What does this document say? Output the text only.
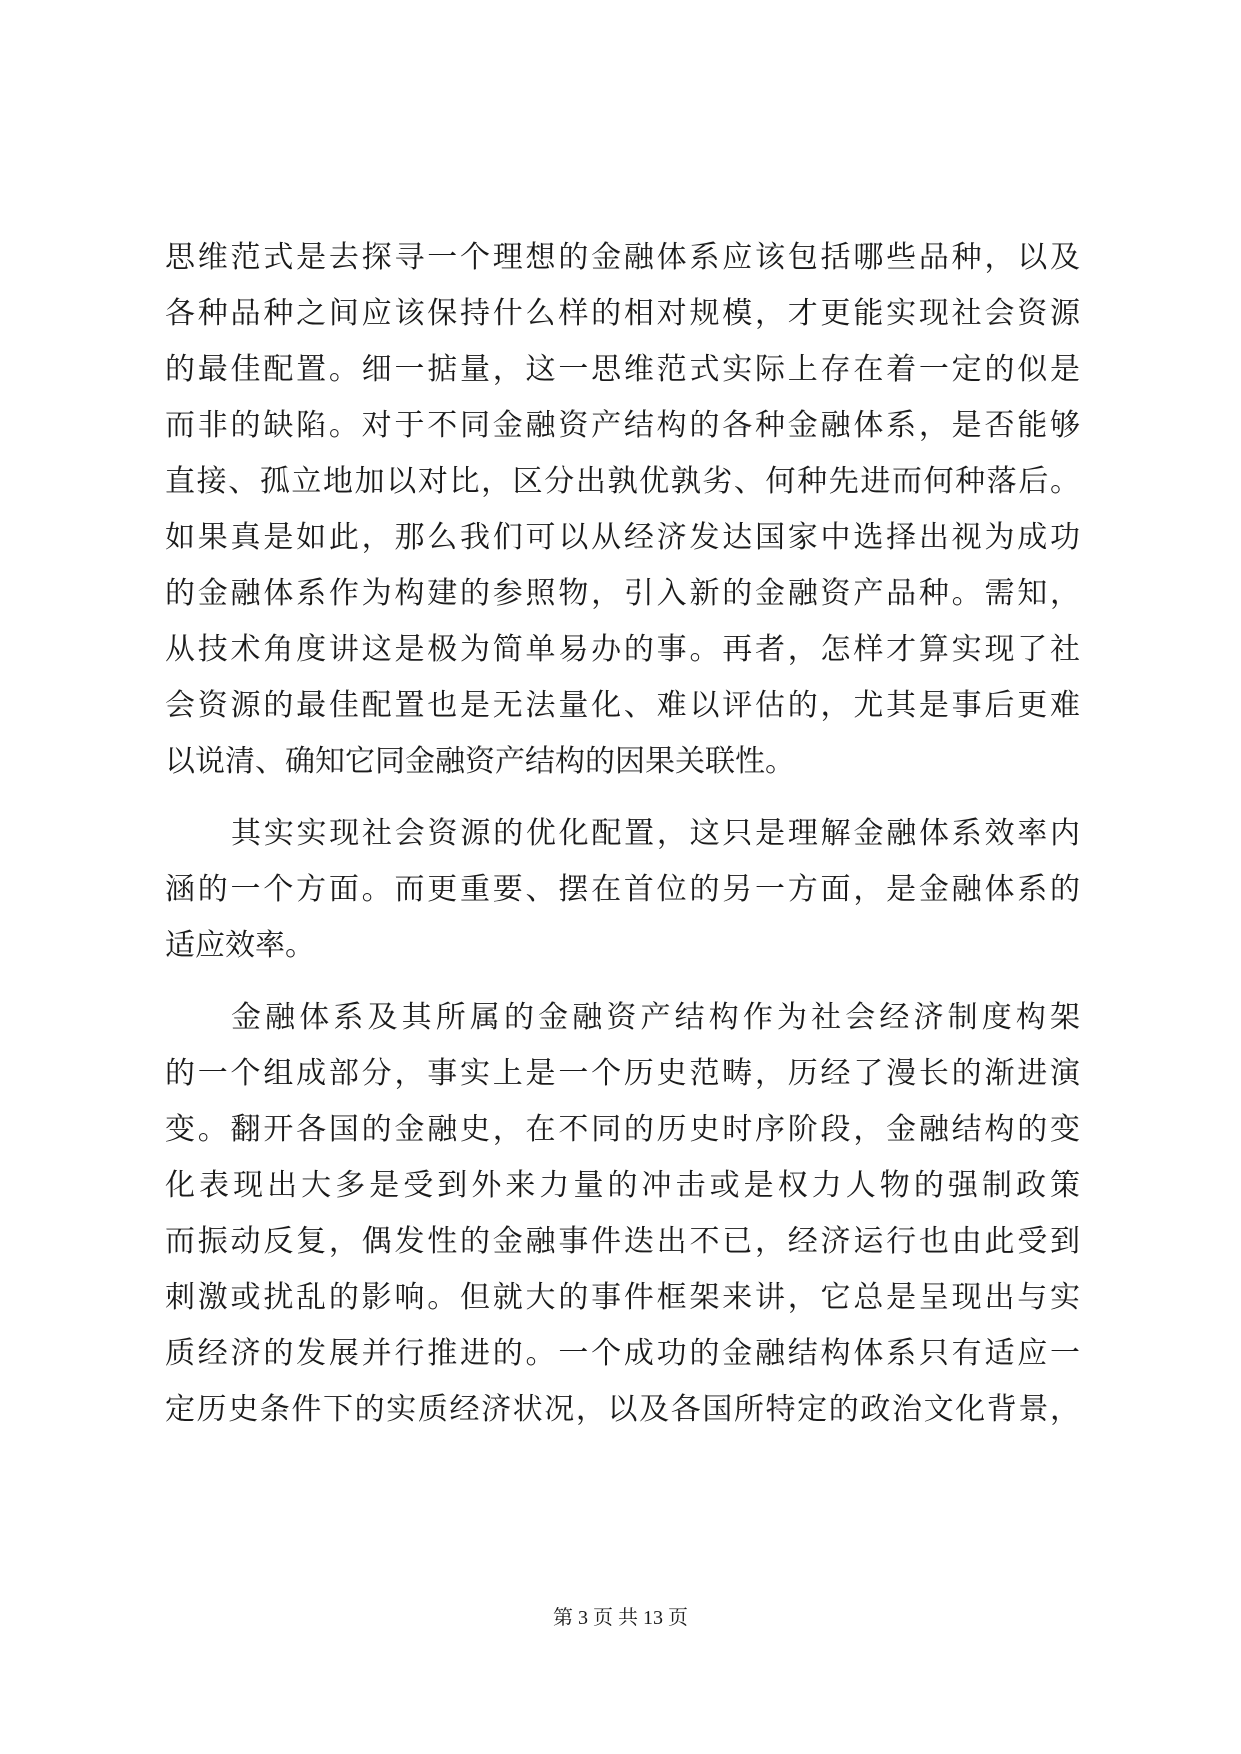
思维范式是去探寻一个理想的金融体系应该包括哪些品种，以及
各种品种之间应该保持什么样的相对规模，才更能实现社会资源
的最佳配置。细一掂量，这一思维范式实际上存在着一定的似是
而非的缺陷。对于不同金融资产结构的各种金融体系，是否能够
直接、孤立地加以对比，区分出孰优孰劣、何种先进而何种落后。
如果真是如此，那么我们可以从经济发达国家中选择出视为成功
的金融体系作为构建的参照物，引入新的金融资产品种。需知，
从技术角度讲这是极为简单易办的事。再者，怎样才算实现了社
会资源的最佳配置也是无法量化、难以评估的，尤其是事后更难
以说清、确知它同金融资产结构的因果关联性。
其实实现社会资源的优化配置，这只是理解金融体系效率内
涵的一个方面。而更重要、摆在首位的另一方面，是金融体系的
适应效率。
金融体系及其所属的金融资产结构作为社会经济制度构架
的一个组成部分，事实上是一个历史范畴，历经了漫长的渐进演
变。翻开各国的金融史，在不同的历史时序阶段，金融结构的变
化表现出大多是受到外来力量的冲击或是权力人物的强制政策
而振动反复，偶发性的金融事件迭出不已，经济运行也由此受到
刺激或扰乱的影响。但就大的事件框架来讲，它总是呈现出与实
质经济的发展并行推进的。一个成功的金融结构体系只有适应一
定历史条件下的实质经济状况，以及各国所特定的政治文化背景，
第 3 页 共 13 页
